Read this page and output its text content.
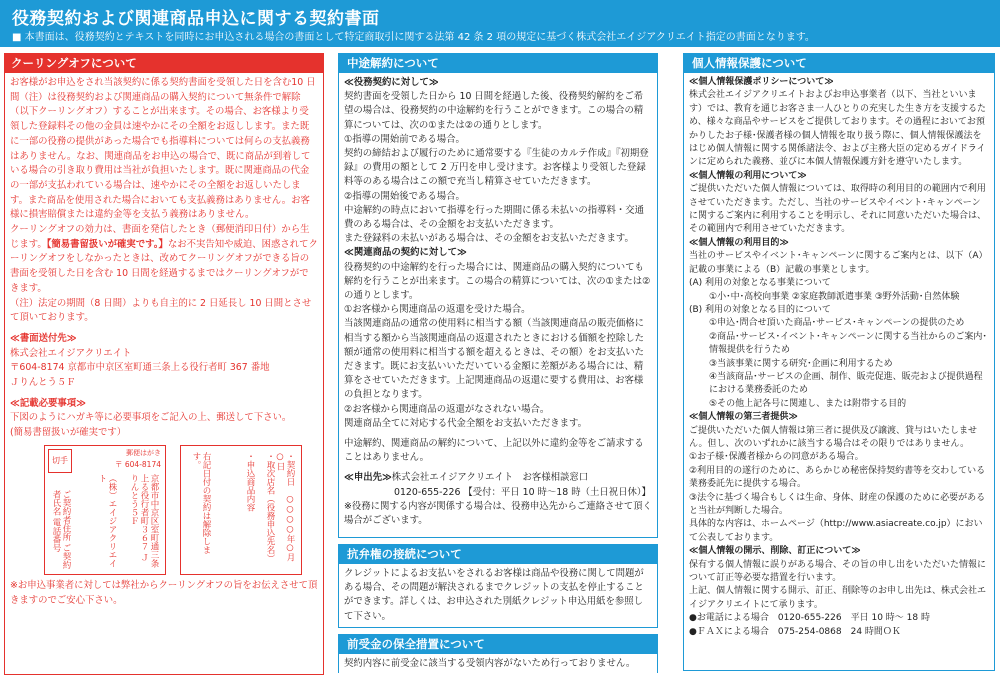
役務契約および関連商品申込に関する契約書面
■ 本書面は、役務契約とテキストを同時にお申込される場合の書面として特定商取引に関する法第 42 条 2 項の規定に基づく株式会社エイジアクリエイト指定の書面となります。
クーリングオフについて

お客様がお申込をされ当該契約に係る契約書面を受領した日を含む10 日間（注）は役務契約および関連商品の購入契約について無条件で解除（以下クーリングオフ）することが出来ます。その場合、お客様より受領した登録料その他の金員は速やかにその全額をお返しします。また既に一部の役務の提供があった場合でも指導料については何らの支払義務はありません。なお、関連商品をお申込の場合で、既に商品が到着している場合の引き取り費用は当社が負担いたします。既に関連商品の代金の一部が支払われている場合は、速やかにその全額をお返しいたします。また商品を使用された場合においても支払義務はありません。お客様に損害賠償または違約金等を支払う義務はありません。

クーリングオフの効力は、書面を発信したとき（郵便消印日付）から生じます。【簡易書留扱いが確実です。】なお不実告知や威迫、困惑されてクーリングオフをしなかったときは、改めてクーリングオフができる旨の書面を受領した日を含む 10 日間を経過するまではクーリングオフができます。

（注）法定の期間（8 日間）よりも自主的に 2 日延長し 10 日間とさせて頂いております。

≪書面送付先≫

株式会社エイジアクリエイト

〒604-8174 京都市中京区室町通三条上る役行者町 367 番地

Ｊりんとう５Ｆ

≪記載必要事項≫

下図のようにハガキ等に必要事項をご記入の上、郵送して下さい。

(簡易書留扱いが確実です）

切手
郵便はがき
〒 604-8174
京都市中京区室町通三条上る役行者町３６７ Ｊりんとう５Ｆ
（株）エイジアクリエイト
ご契約者住所 ご契約者氏名 電話番号	・契約日　○○○○年○月○日
・取次店名（役務申込先名）
・申込商品内容
右記日付の契約は解除します。

※お申込事業者に対しては弊社からクーリングオフの旨をお伝えさせて頂きますのでご安心下さい。

中途解約について

≪役務契約に対して≫

契約書面を受領した日から 10 日間を経過した後、役務契約解約をご希望の場合は、役務契約の中途解約を行うことができます。この場合の精算については、次の①または②の通りとします。

①指導の開始前である場合。

契約の締結および履行のために通常要する『生徒のカルテ作成』『初期登録』の費用の額として 2 万円を申し受けます。お客様より受領した登録料等のある場合はこの額で充当し精算させていただきます。

②指導の開始後である場合。

中途解約の時点において指導を行った期間に係る未払いの指導料・交通費のある場合は、その金額をお支払いただきます。

また登録料の未払いがある場合は、その金額をお支払いただきます。

≪関連商品の契約に対して≫

役務契約の中途解約を行った場合には、関連商品の購入契約についても解約を行うことが出来ます。この場合の精算については、次の①または②の通りとします。

①お客様から関連商品の返還を受けた場合。

当該関連商品の通常の使用料に相当する額（当該関連商品の販売価格に相当する額から当該関連商品の返還されたときにおける価額を控除した額が通常の使用料に相当する額を超えるときは、その額）をお支払いただきます。既にお支払いいただいている金額に差額がある場合には、精算をさせていただきます。上記関連商品の返還に要する費用は、お客様の負担となります。

②お客様から関連商品の返還がなされない場合。

関連商品全てに対応する代金全額をお支払いただきます。

中途解約、関連商品の解約について、上記以外に違約金等をご請求することはありません。

≪申出先≫株式会社エイジアクリエイト　お客様相談窓口

0120-655-226 【受付：平日 10 時〜18 時（土日祝日休）】

※役務に関する内容が関係する場合は、役務申込先からご連絡させて頂く場合がございます。

抗弁権の接続について

クレジットによるお支払いをされるお客様は商品や役務に関して問題がある場合、その問題が解決されるまでクレジットの支払を停止することができます。詳しくは、お申込された別紙クレジット申込用紙を参照して下さい。

前受金の保全措置について

契約内容に前受金に該当する受領内容がないため行っておりません。

個人情報保護について

≪個人情報保護ポリシーについて≫

株式会社エイジアクリエイトおよびお申込事業者（以下、当社といいます）では、教育を通じお客さま一人ひとりの充実した生き方を支援するため、様々な商品やサービスをご提供しております。その過程においてお預かりしたお子様･保護者様の個人情報を取り扱う際に、個人情報保護法をはじめ個人情報に関する関係諸法令、および主務大臣の定めるガイドラインに定められた義務、並びに本個人情報保護方針を遵守いたします。

≪個人情報の利用について≫

ご提供いただいた個人情報については、取得時の利用目的の範囲内で利用させていただきます。ただし、当社のサービスやイベント･キャンペーンに関するご案内に利用することを明示し、それに同意いただいた場合は、その範囲内で利用させていただきます。

≪個人情報の利用目的≫

当社のサービスやイベント･キャンペーンに関するご案内とは、以下（A）記載の事業による（B）記載の事業とします。

(A) 利用の対象となる事業について

①小･中･高校向事業 ②家庭教師派遣事業 ③野外活動･自然体験

(B) 利用の対象となる目的について

①申込･問合せ頂いた商品･サービス･キャンペーンの提供のため

②商品･サービス･イベント･キャンペーンに関する当社からのご案内･情報提供を行うため

③当該事業に関する研究･企画に利用するため

④当該商品･サービスの企画、制作、販売促進、販売および提供過程における業務委託のため

⑤その他上記各号に関連し、または附帯する目的

≪個人情報の第三者提供≫

ご提供いただいた個人情報は第三者に提供及び譲渡、貸与はいたしません。但し、次のいずれかに該当する場合はその限りではありません。

①お子様･保護者様からの同意がある場合。

②利用目的の遂行のために、あらかじめ秘密保持契約書等を交わしている業務委託先に提供する場合。

③法令に基づく場合もしくは生命、身体、財産の保護のために必要があると当社が判断した場合。

具体的な内容は、ホームページ（http://www.asiacreate.co.jp）において公表しております。

≪個人情報の開示、削除、訂正について≫

保有する個人情報に誤りがある場合、その旨の申し出をいただいた情報について訂正等必要な措置を行います。

上記、個人情報に関する開示、訂正、削除等のお申し出先は、株式会社エイジアクリエイトにて承ります。

●お電話による場合　0120-655-226　平日 10 時〜 18 時

●ＦＡＸによる場合　075-254-0868　24 時間ＯＫ
